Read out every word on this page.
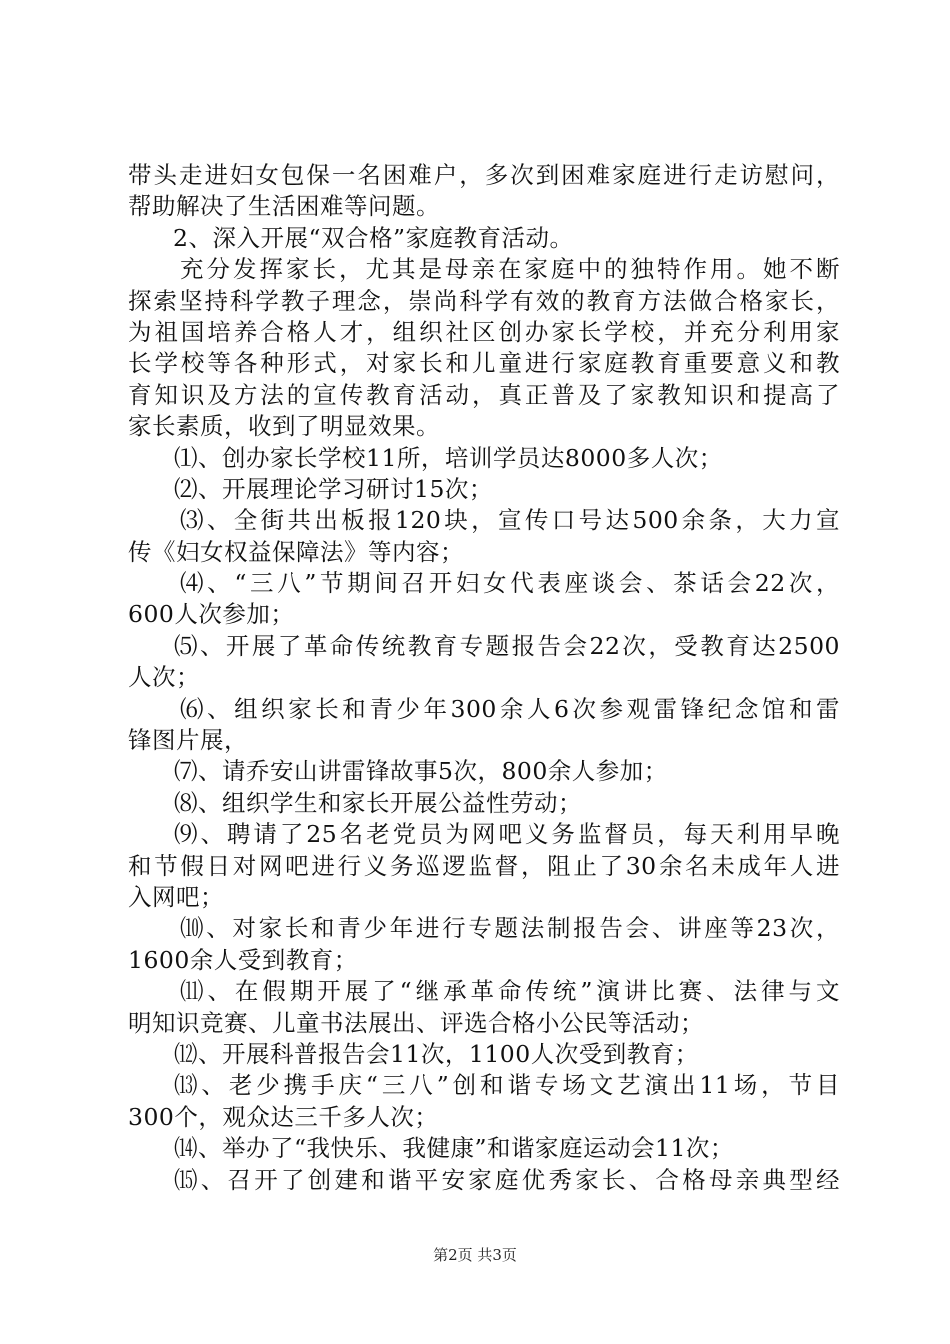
带头走进妇女包保一名困难户，多次到困难家庭进行走访慰问，
帮助解决了生活困难等问题。
2、深入开展“双合格”家庭教育活动。
充分发挥家长，尤其是母亲在家庭中的独特作用。她不断
探索坚持科学教子理念，崇尚科学有效的教育方法做合格家长，
为祖国培养合格人才，组织社区创办家长学校，并充分利用家
长学校等各种形式，对家长和儿童进行家庭教育重要意义和教
育知识及方法的宣传教育活动，真正普及了家教知识和提高了
家长素质，收到了明显效果。
⑴、创办家长学校11所，培训学员达8000多人次；
⑵、开展理论学习研讨15次；
⑶、全街共出板报120块，宣传口号达500余条，大力宣
传《妇女权益保障法》等内容；
⑷、“三八”节期间召开妇女代表座谈会、茶话会22次，
600人次参加；
⑸、开展了革命传统教育专题报告会22次，受教育达2500
人次；
⑹、组织家长和青少年300余人6次参观雷锋纪念馆和雷
锋图片展，
⑺、请乔安山讲雷锋故事5次，800余人参加；
⑻、组织学生和家长开展公益性劳动；
⑼、聘请了25名老党员为网吧义务监督员，每天利用早晚
和节假日对网吧进行义务巡逻监督，阻止了30余名未成年人进
入网吧；
⑽、对家长和青少年进行专题法制报告会、讲座等23次，
1600余人受到教育；
⑾、在假期开展了“继承革命传统”演讲比赛、法律与文
明知识竞赛、儿童书法展出、评选合格小公民等活动；
⑿、开展科普报告会11次，1100人次受到教育；
⒀、老少携手庆“三八”创和谐专场文艺演出11场，节目
300个，观众达三千多人次；
⒁、举办了“我快乐、我健康”和谐家庭运动会11次；
⒂、召开了创建和谐平安家庭优秀家长、合格母亲典型经
第2页 共3页
